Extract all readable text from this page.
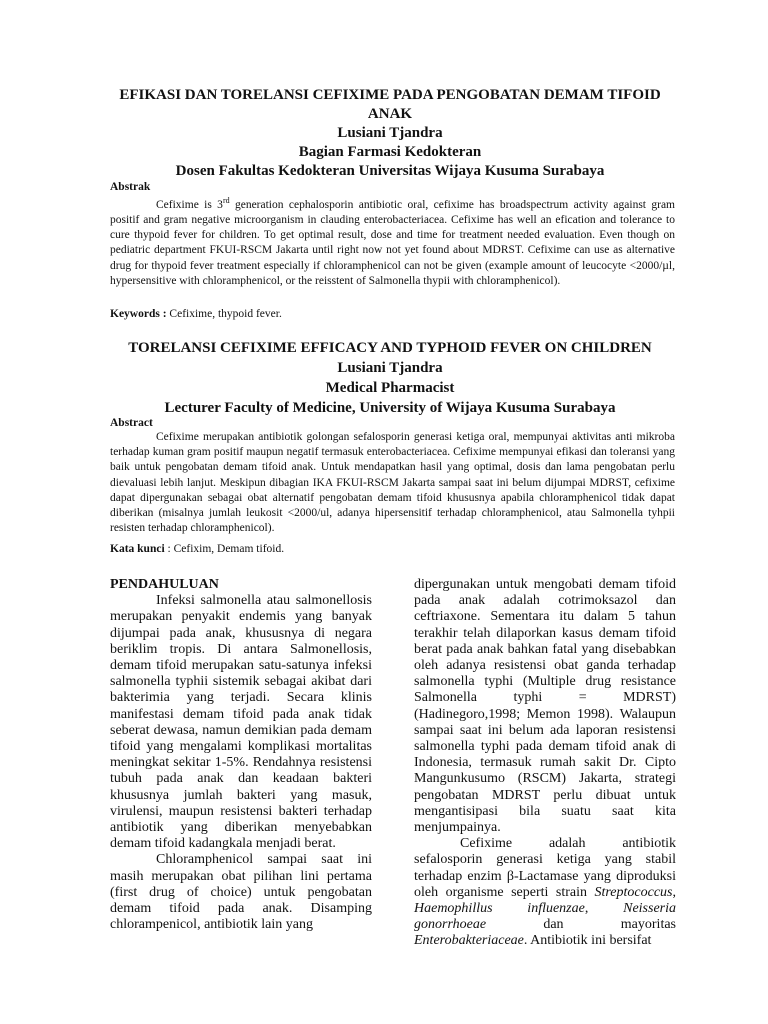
EFIKASI DAN TORELANSI CEFIXIME PADA PENGOBATAN DEMAM TIFOID ANAK
Lusiani Tjandra
Bagian Farmasi Kedokteran
Dosen Fakultas Kedokteran Universitas Wijaya Kusuma Surabaya
Abstrak
Cefixime is 3rd generation cephalosporin antibiotic oral, cefixime has broadspectrum activity against gram positif and gram negative microorganism in clauding enterobacteriacea. Cefixime has well an efication and tolerance to cure thypoid fever for children. To get optimal result, dose and time for treatment needed evaluation. Even though on pediatric department FKUI-RSCM Jakarta until right now not yet found about MDRST. Cefixime can use as alternative drug for thypoid fever treatment especially if chloramphenicol can not be given (example amount of leucocyte <2000/µl, hypersensitive with chloramphenicol, or the reisstent of Salmonella thypii with chloramphenicol).
Keywords : Cefixime, thypoid fever.
TORELANSI CEFIXIME EFFICACY AND TYPHOID FEVER ON CHILDREN
Lusiani Tjandra
Medical Pharmacist
Lecturer Faculty of Medicine, University of Wijaya Kusuma Surabaya
Abstract
Cefixime merupakan antibiotik golongan sefalosporin generasi ketiga oral, mempunyai aktivitas anti mikroba terhadap kuman gram positif maupun negatif termasuk enterobacteriacea. Cefixime mempunyai efikasi dan toleransi yang baik untuk pengobatan demam tifoid anak. Untuk mendapatkan hasil yang optimal, dosis dan lama pengobatan perlu dievaluasi lebih lanjut. Meskipun dibagian IKA FKUI-RSCM Jakarta sampai saat ini belum dijumpai MDRST, cefixime dapat dipergunakan sebagai obat alternatif pengobatan demam tifoid khususnya apabila chloramphenicol tidak dapat diberikan (misalnya jumlah leukosit <2000/ul, adanya hipersensitif terhadap chloramphenicol, atau Salmonella tyhpii resisten terhadap chloramphenicol).
Kata kunci : Cefixim, Demam tifoid.

PENDAHULUAN

Infeksi salmonella atau salmonellosis merupakan penyakit endemis yang banyak dijumpai pada anak, khususnya di negara beriklim tropis. Di antara Salmonellosis, demam tifoid merupakan satu-satunya infeksi salmonella typhii sistemik sebagai akibat dari bakterimia yang terjadi. Secara klinis manifestasi demam tifoid pada anak tidak seberat dewasa, namun demikian pada demam tifoid yang mengalami komplikasi mortalitas meningkat sekitar 1-5%. Rendahnya resistensi tubuh pada anak dan keadaan bakteri khususnya jumlah bakteri yang masuk, virulensi, maupun resistensi bakteri terhadap antibiotik yang diberikan menyebabkan demam tifoid kadangkala menjadi berat.

Chloramphenicol sampai saat ini masih merupakan obat pilihan lini pertama (first drug of choice) untuk pengobatan demam tifoid pada anak. Disamping chlorampenicol, antibiotik lain yang

dipergunakan untuk mengobati demam tifoid pada anak adalah cotrimoksazol dan ceftriaxone. Sementara itu dalam 5 tahun terakhir telah dilaporkan kasus demam tifoid berat pada anak bahkan fatal yang disebabkan oleh adanya resistensi obat ganda terhadap salmonella typhi (Multiple drug resistance Salmonella typhi = MDRST) (Hadinegoro,1998; Memon 1998). Walaupun sampai saat ini belum ada laporan resistensi salmonella typhi pada demam tifoid anak di Indonesia, termasuk rumah sakit Dr. Cipto Mangunkusumo (RSCM) Jakarta, strategi pengobatan MDRST perlu dibuat untuk mengantisipasi bila suatu saat kita menjumpainya.

Cefixime adalah antibiotik sefalosporin generasi ketiga yang stabil terhadap enzim β-Lactamase yang diproduksi oleh organisme seperti strain Streptococcus, Haemophillus influenzae, Neisseria gonorrhoeae dan mayoritas Enterobakteriaceae. Antibiotik ini bersifat
